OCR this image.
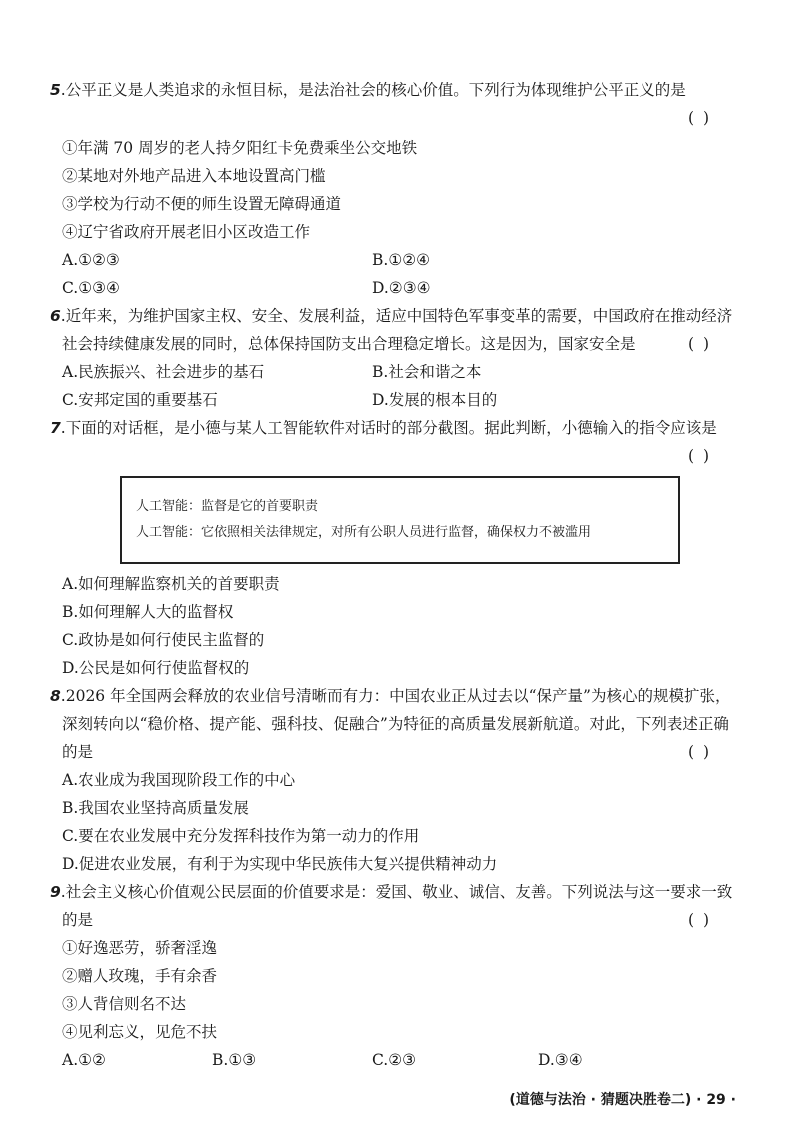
5.公平正义是人类追求的永恒目标，是法治社会的核心价值。下列行为体现维护公平正义的是
( )
①年满 70 周岁的老人持夕阳红卡免费乘坐公交地铁
②某地对外地产品进入本地设置高门槛
③学校为行动不便的师生设置无障碍通道
④辽宁省政府开展老旧小区改造工作
A.①②③	B.①②④
C.①③④	D.②③④
6.近年来，为维护国家主权、安全、发展利益，适应中国特色军事变革的需要，中国政府在推动经济
社会持续健康发展的同时，总体保持国防支出合理稳定增长。这是因为，国家安全是	( )
A.民族振兴、社会进步的基石	B.社会和谐之本
C.安邦定国的重要基石	D.发展的根本目的
7.下面的对话框，是小德与某人工智能软件对话时的部分截图。据此判断，小德输入的指令应该是
( )
人工智能：监督是它的首要职责
人工智能：它依照相关法律规定，对所有公职人员进行监督，确保权力不被滥用
A.如何理解监察机关的首要职责
B.如何理解人大的监督权
C.政协是如何行使民主监督的
D.公民是如何行使监督权的
8.2026 年全国两会释放的农业信号清晰而有力：中国农业正从过去以“保产量”为核心的规模扩张，
深刻转向以“稳价格、提产能、强科技、促融合”为特征的高质量发展新航道。对此，下列表述正确
的是	( )
A.农业成为我国现阶段工作的中心
B.我国农业坚持高质量发展
C.要在农业发展中充分发挥科技作为第一动力的作用
D.促进农业发展，有利于为实现中华民族伟大复兴提供精神动力
9.社会主义核心价值观公民层面的价值要求是：爱国、敬业、诚信、友善。下列说法与这一要求一致
的是	( )
①好逸恶劳，骄奢淫逸
②赠人玫瑰，手有余香
③人背信则名不达
④见利忘义，见危不扶
A.①②	B.①③	C.②③	D.③④
(道德与法治 · 猜题决胜卷二) · 29 ·
